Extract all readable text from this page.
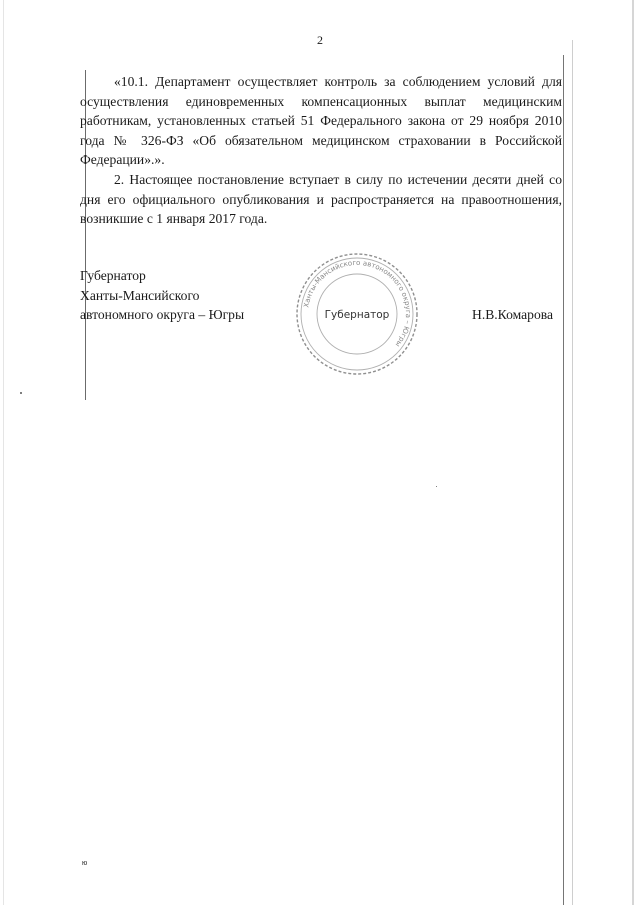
2

«10.1. Департамент осуществляет контроль за соблюдением условий для осуществления единовременных компенсационных выплат медицинским работникам, установленных статьей 51 Федерального закона от 29 ноября 2010 года № 326-ФЗ «Об обязательном медицинском страховании в Российской Федерации».».

2. Настоящее постановление вступает в силу по истечении десяти дней со дня его официального опубликования и распространяется на правоотношения, возникшие с 1 января 2017 года.

Губернатор
Ханты-Мансийского
автономного округа – Югры
Ханты-Мансийского автономного округа – Югры
Губернатор	Н.В.Комарова
ю
